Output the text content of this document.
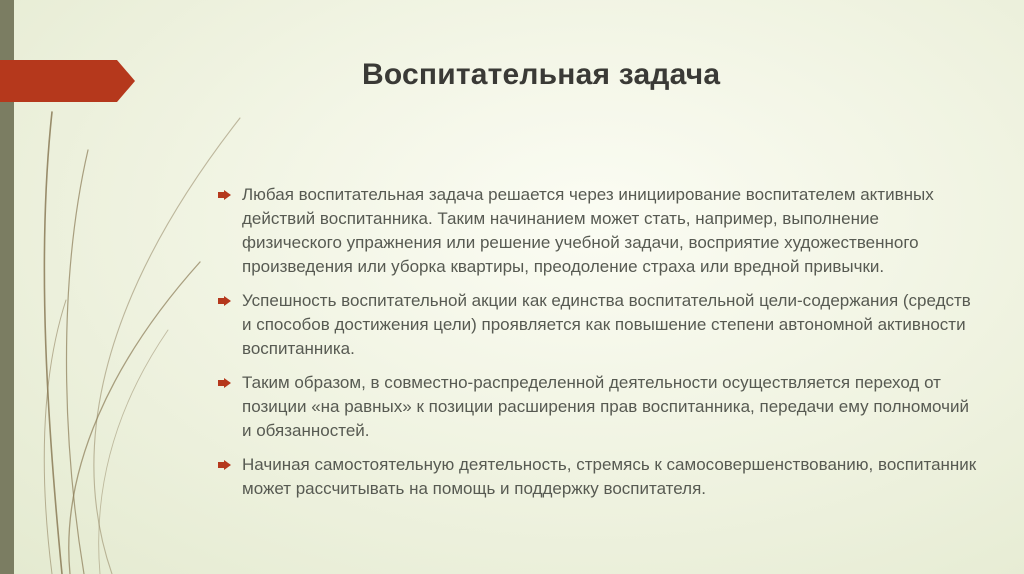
Воспитательная задача
Любая воспитательная задача решается через инициирование воспитателем активных действий воспитанника. Таким начинанием может стать, например, выполнение физического упражнения или решение учебной задачи, восприятие художественного произведения или уборка квартиры, преодоление страха или вредной привычки.
Успешность воспитательной акции как единства воспитательной цели-содержания (средств и способов достижения цели) проявляется как повышение степени автономной активности воспитанника.
Таким образом, в совместно-распределенной деятельности осуществляется переход от позиции «на равных» к позиции расширения прав воспитанника, передачи ему полномочий и обязанностей.
Начиная самостоятельную деятельность, стремясь к самосовершенствованию, воспитанник может рассчитывать на помощь и поддержку воспитателя.
